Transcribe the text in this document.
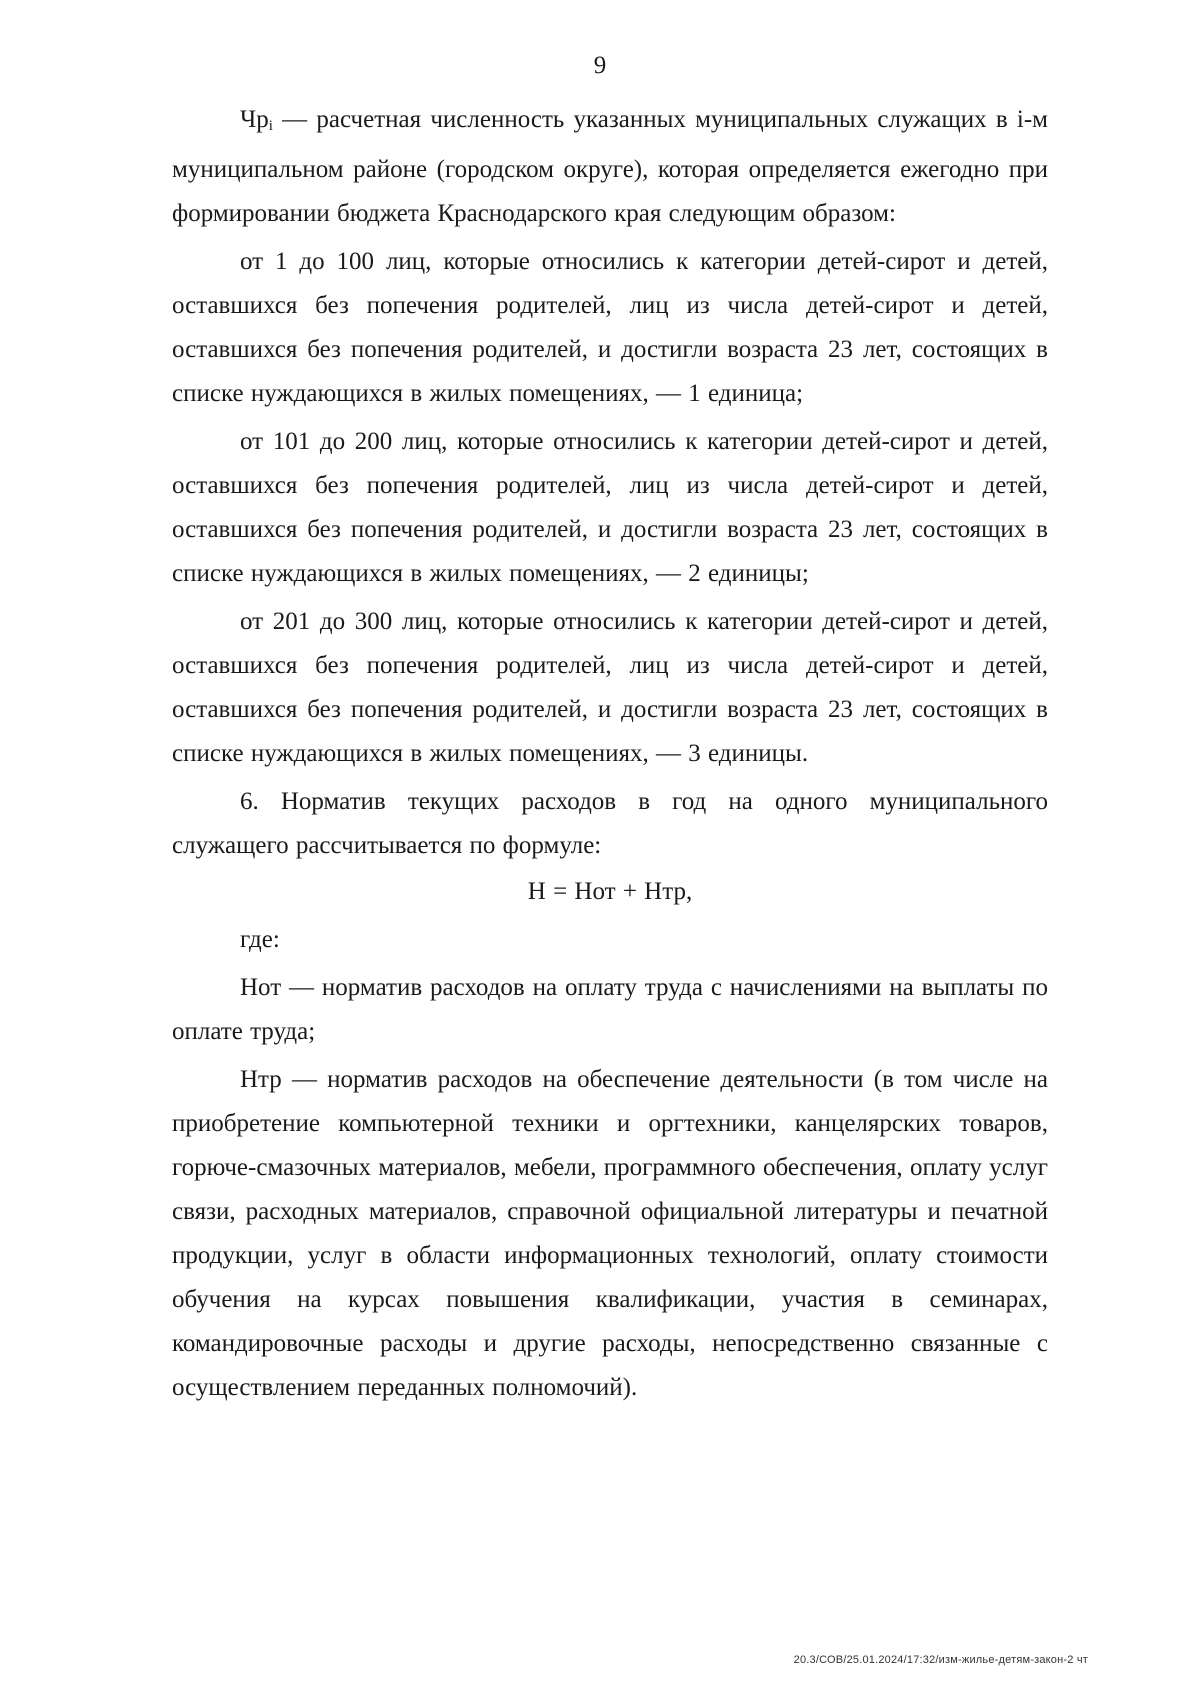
9

$Чр_i$ — расчетная численность указанных муниципальных служащих в i-м муниципальном районе (городском округе), которая определяется ежегодно при формировании бюджета Краснодарского края следующим образом:

от 1 до 100 лиц, которые относились к категории детей-сирот и детей, оставшихся без попечения родителей, лиц из числа детей-сирот и детей, оставшихся без попечения родителей, и достигли возраста 23 лет, состоящих в списке нуждающихся в жилых помещениях, — 1 единица;

от 101 до 200 лиц, которые относились к категории детей-сирот и детей, оставшихся без попечения родителей, лиц из числа детей-сирот и детей, оставшихся без попечения родителей, и достигли возраста 23 лет, состоящих в списке нуждающихся в жилых помещениях, — 2 единицы;

от 201 до 300 лиц, которые относились к категории детей-сирот и детей, оставшихся без попечения родителей, лиц из числа детей-сирот и детей, оставшихся без попечения родителей, и достигли возраста 23 лет, состоящих в списке нуждающихся в жилых помещениях, — 3 единицы.

6. Норматив текущих расходов в год на одного муниципального служащего рассчитывается по формуле:

Н = Нот + Нтр,

где:

Нот — норматив расходов на оплату труда с начислениями на выплаты по оплате труда;

Нтр — норматив расходов на обеспечение деятельности (в том числе на приобретение компьютерной техники и оргтехники, канцелярских товаров, горюче-смазочных материалов, мебели, программного обеспечения, оплату услуг связи, расходных материалов, справочной официальной литературы и печатной продукции, услуг в области информационных технологий, оплату стоимости обучения на курсах повышения квалификации, участия в семинарах, командировочные расходы и другие расходы, непосредственно связанные с осуществлением переданных полномочий).

20.3/СОВ/25.01.2024/17:32/изм-жилье-детям-закон-2 чт
